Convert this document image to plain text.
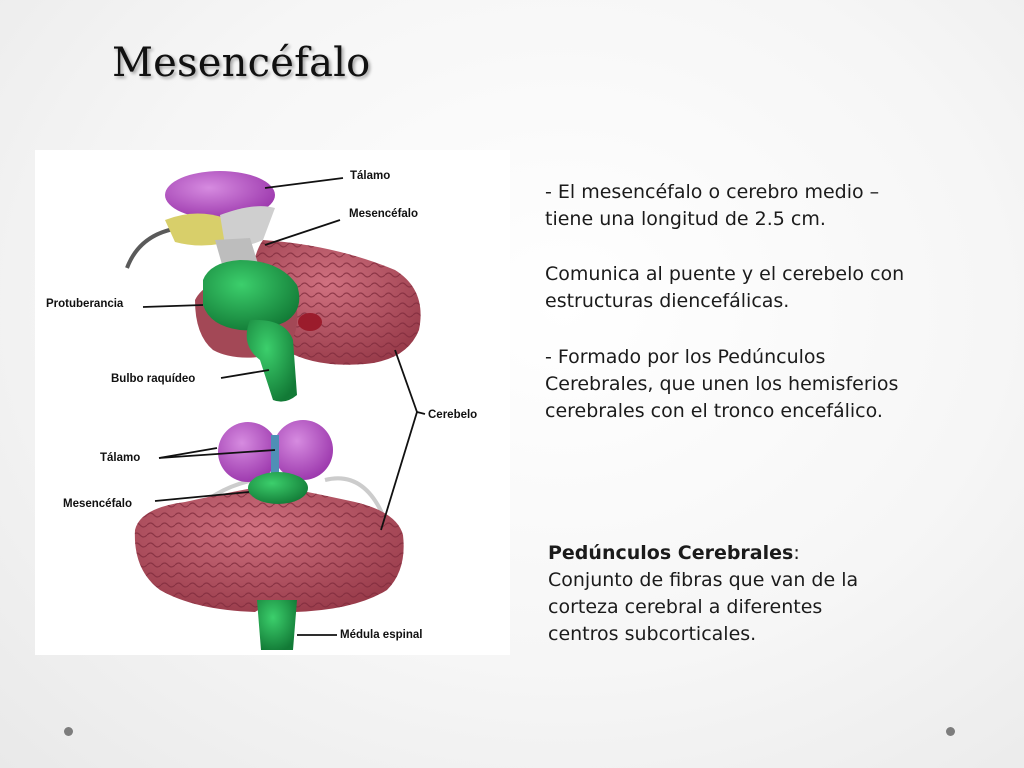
Mesencéfalo
Tálamo
Mesencéfalo
Protuberancia
Bulbo raquídeo
Cerebelo
Tálamo
Mesencéfalo
Médula espinal

- El mesencéfalo o cerebro medio –
tiene una longitud de 2.5 cm.

Comunica al puente y el cerebelo con
estructuras diencefálicas.

- Formado por los Pedúnculos
Cerebrales, que unen los hemisferios
cerebrales con el tronco encefálico.

Pedúnculos Cerebrales:
Conjunto de fibras que van de la
corteza cerebral a diferentes
centros subcorticales.
